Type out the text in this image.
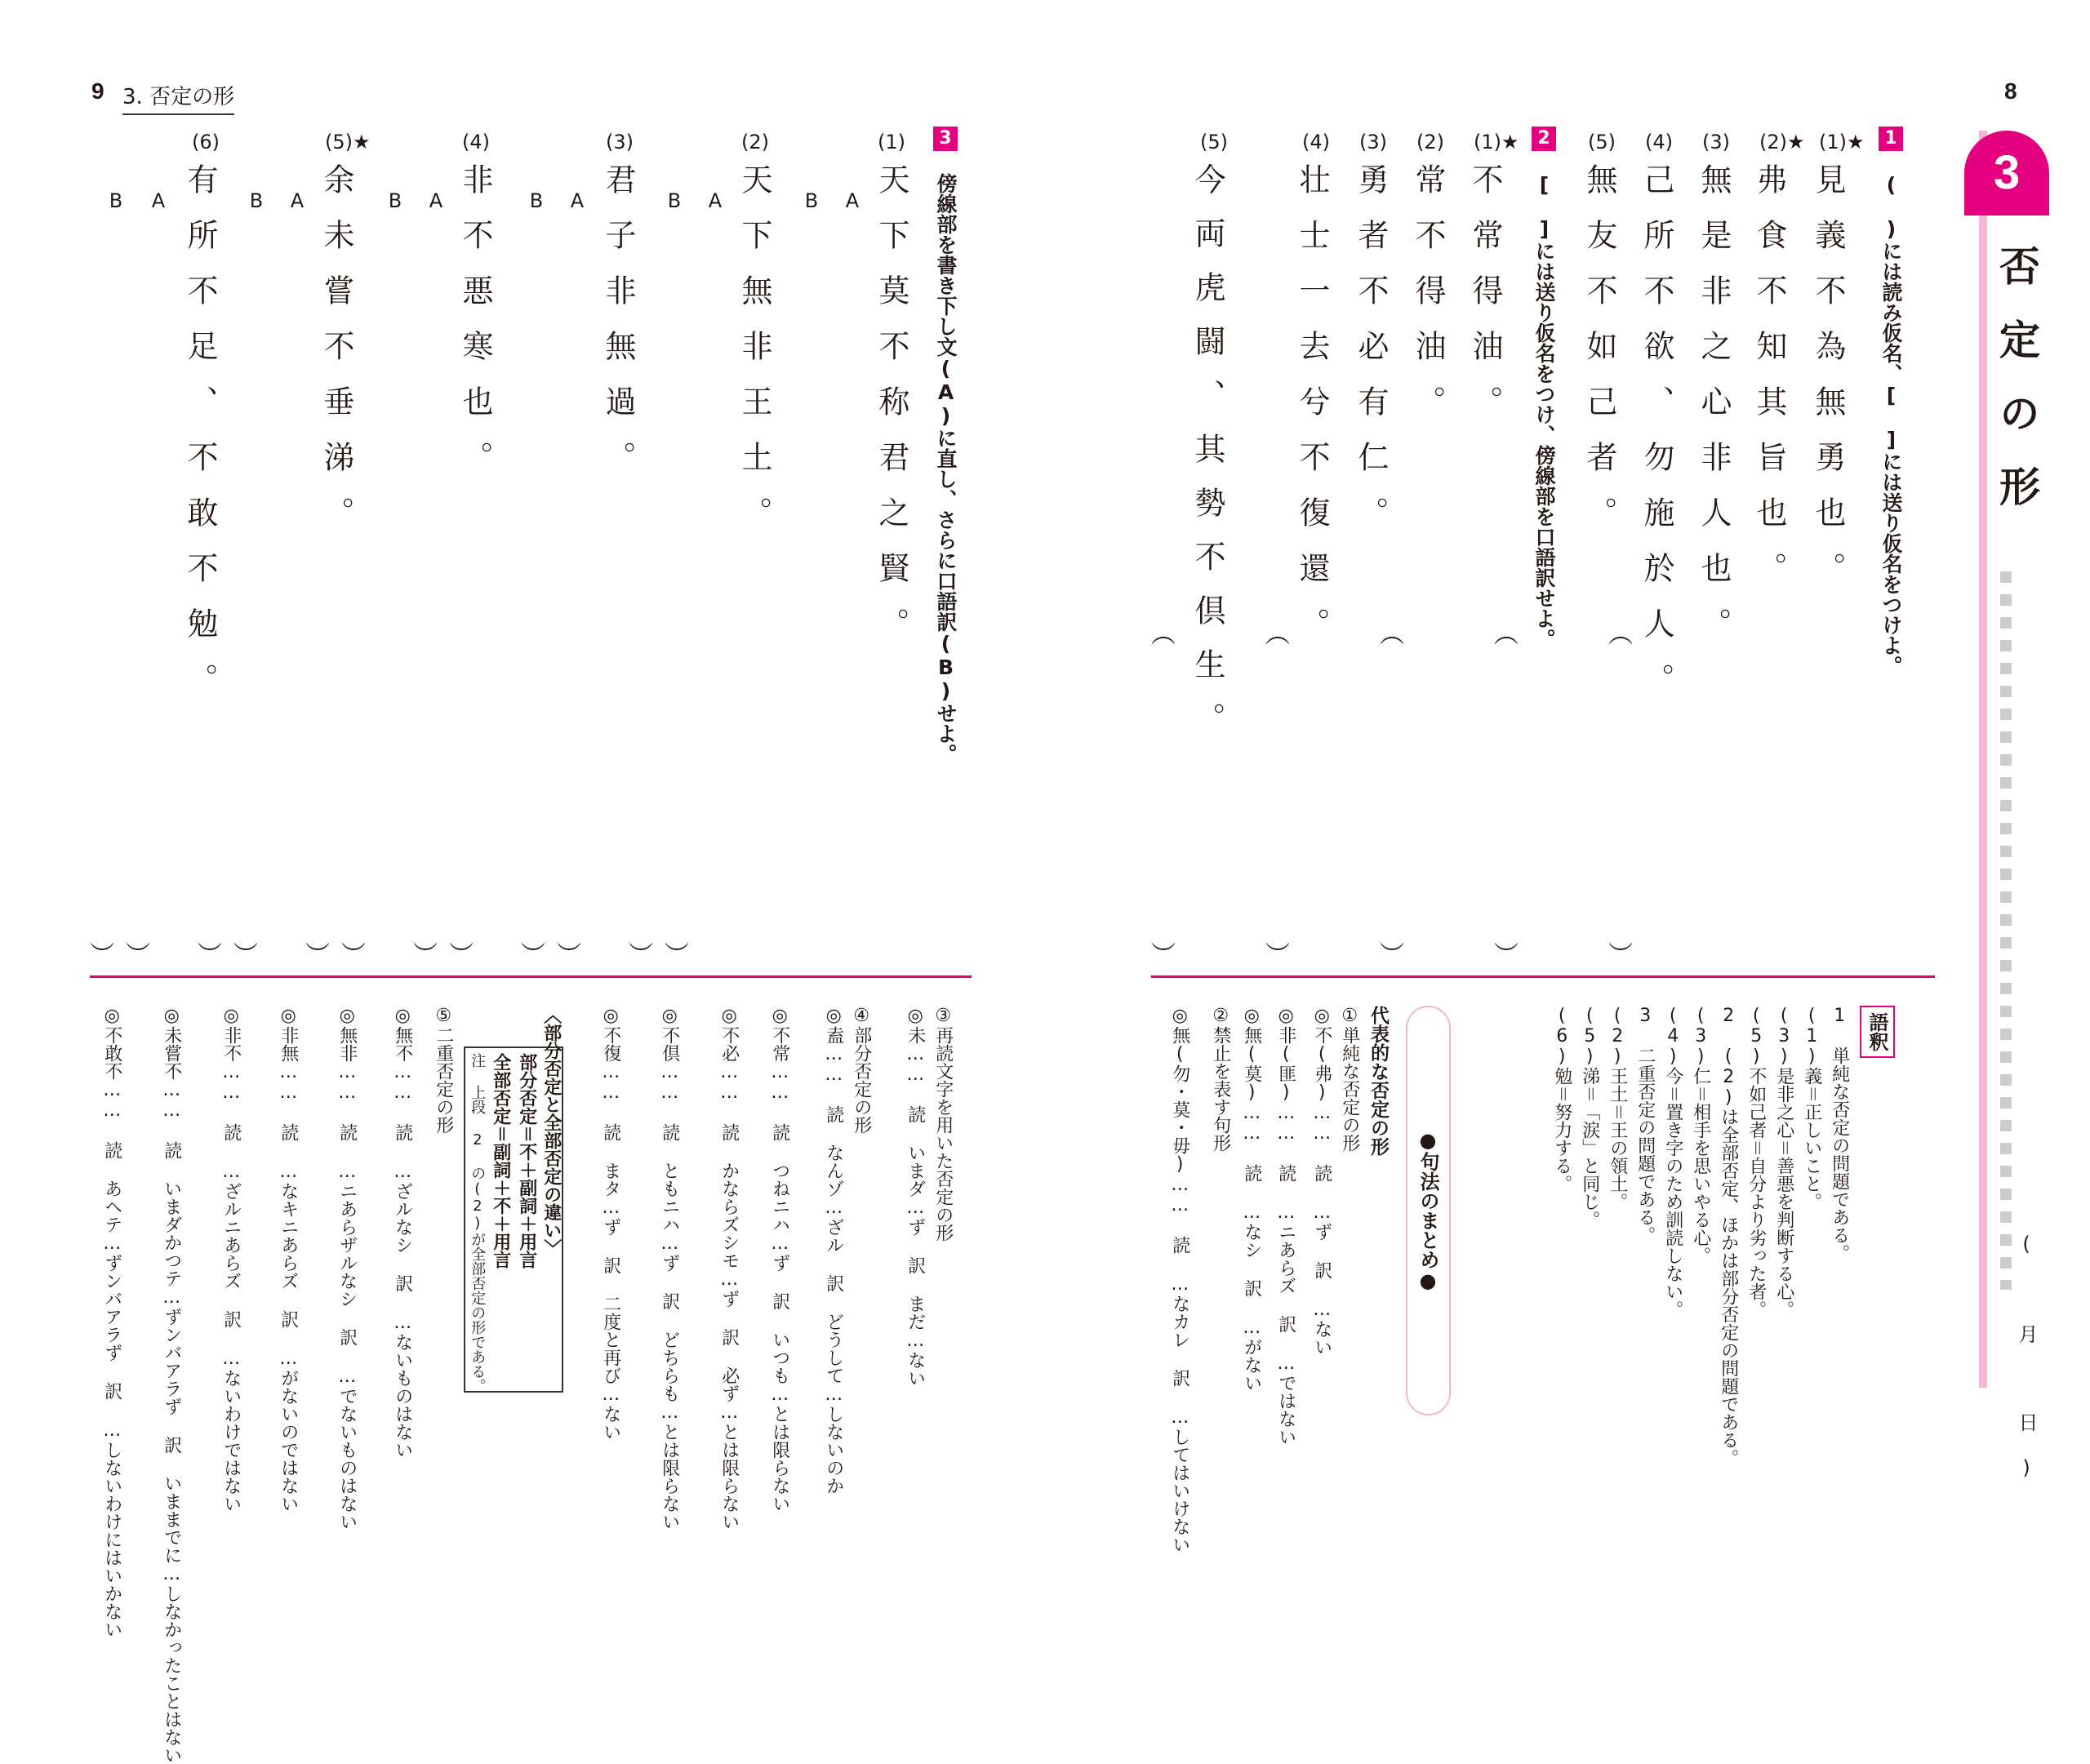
9 3. 否定の形
3 傍線部を書き下し文(A)に直し、さらに口語訳(B)せよ。
(1)
天下莫不称君之賢。
A
B
(2)
天下無非王土。
A
B
(3)
君子非無過。
A
B
(4)
非不悪寒也。
A
B
(5)★
余未嘗不垂涕。
A
B
(6)
有所不足、不敢不勉。
A
B
︶︶　︶︶　︶︶　︶︶　︶︶　︶︶
③再読文字を用いた否定の形
◎未…… 読 いまダ…ず 訳 まだ…ない
④部分否定の形
◎盍…… 読 なんゾ…ざル 訳 どうして…しないのか
◎不常…… 読 つねニハ…ず 訳 いつも…とは限らない
◎不必…… 読 かならズシモ…ず 訳 必ず…とは限らない
◎不倶…… 読 ともニハ…ず 訳 どちらも…とは限らない
◎不復…… 読 まタ…ず 訳 二度と再び…ない
〈部分否定と全部否定の違い〉
部分否定＝不＋副詞＋用言
全部否定＝副詞＋不＋用言
注 上段 2 の(2)が全部否定の形である。
⑤二重否定の形
◎無不…… 読 …ざルなシ 訳 …ないものはない
◎無非…… 読 …ニあらザルなシ 訳 …でないものはない
◎非無…… 読 …なキニあらズ 訳 …がないのではない
◎非不…… 読 …ざルニあらズ 訳 …ないわけではない
◎未嘗不…… 読 いまダかつテ…ずンバアラず 訳 いままでに…しなかったことはない
◎不敢不…… 読 あヘテ…ずンバアラず 訳 …しないわけにはいかない
8
3
否定の形
(　月　日)
1 (　)には読み仮名、[　]には送り仮名をつけよ。
(1)★
見義不為無勇也。
(2)★
弗食不知其旨也。
(3)
無是非之心非人也。
(4)
己所不欲、勿施於人。
(5)
無友不如己者。
2 [　]には送り仮名をつけ、傍線部を口語訳せよ。
(1)★
不常得油。
(2)
常不得油。
(3)
勇者不必有仁。
(4)
壮士一去兮不復還。
(5)
今両虎闘、其勢不倶生。
︵　︵　︵　︵　︵
︶　︶　︶　︶　︶
語釈
1 単純な否定の問題である。
(1)義＝正しいこと。
(3)是非之心＝善悪を判断する心。
(5)不如己者＝自分より劣った者。
2 (2)は全部否定、ほかは部分否定の問題である。
(3)仁＝相手を思いやる心。
(4)今＝置き字のため訓読しない。
3 二重否定の問題である。
(2)王土＝王の領土。
(5)涕＝「涙」と同じ。
(6)勉＝努力する。
●句法のまとめ●
代表的な否定の形
①単純な否定の形
◎不(弗)…… 読 …ず 訳 …ない
◎非(匪)…… 読 …ニあらズ 訳 …ではない
◎無(莫)…… 読 …なシ 訳 …がない
②禁止を表す句形
◎無(勿・莫・毋)…… 読 …なカレ 訳 …してはいけない
